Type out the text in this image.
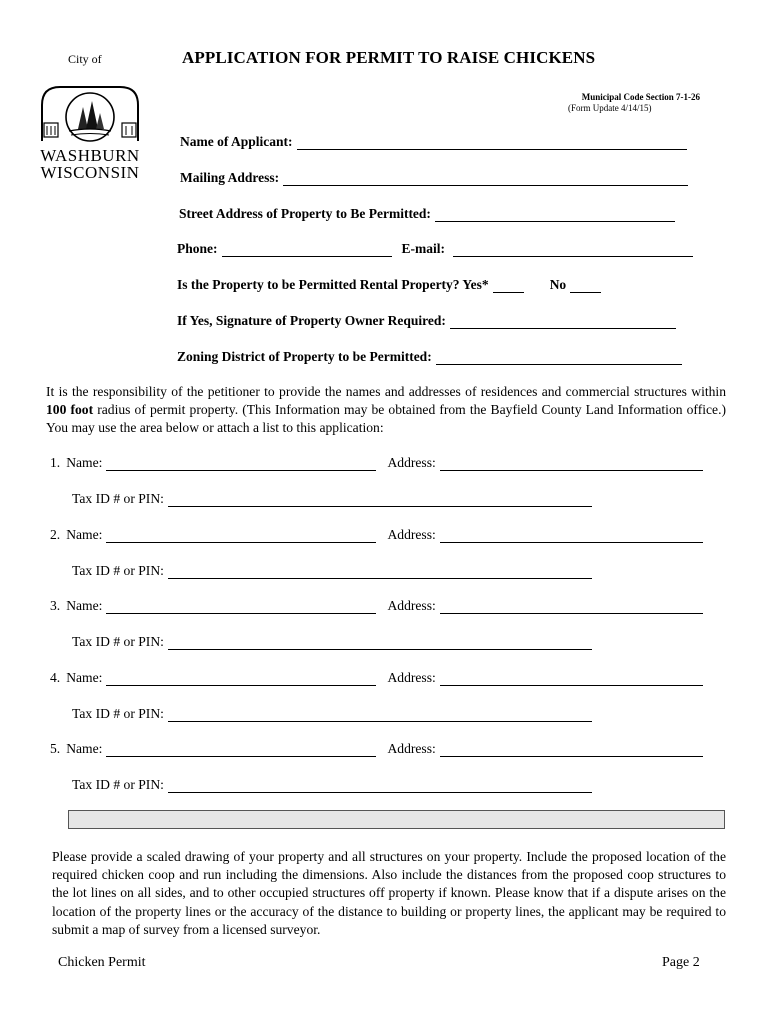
City of	APPLICATION FOR PERMIT TO RAISE CHICKENS
Municipal Code Section 7-1-26
(Form Update 4/14/15)
WASHBURN
WISCONSIN
Name of Applicant:
Mailing Address:
Street Address of Property to Be Permitted:
Phone:	E-mail:
Is the Property to be Permitted Rental Property? Yes*	No
If Yes, Signature of Property Owner Required:
Zoning District of Property to be Permitted:
It is the responsibility of the petitioner to provide the names and addresses of residences and commercial structures within 100 foot radius of permit property. (This Information may be obtained from the Bayfield County Land Information office.) You may use the area below or attach a list to this application:
1. Name:	Address:
Tax ID # or PIN:
2. Name:	Address:
Tax ID # or PIN:
3. Name:	Address:
Tax ID # or PIN:
4. Name:	Address:
Tax ID # or PIN:
5. Name:	Address:
Tax ID # or PIN:
Please provide a scaled drawing of your property and all structures on your property. Include the proposed location of the required chicken coop and run including the dimensions. Also include the distances from the proposed coop structures to the lot lines on all sides, and to other occupied structures off property if known. Please know that if a dispute arises on the location of the property lines or the accuracy of the distance to building or property lines, the applicant may be required to submit a map of survey from a licensed surveyor.
Chicken Permit	Page 2
